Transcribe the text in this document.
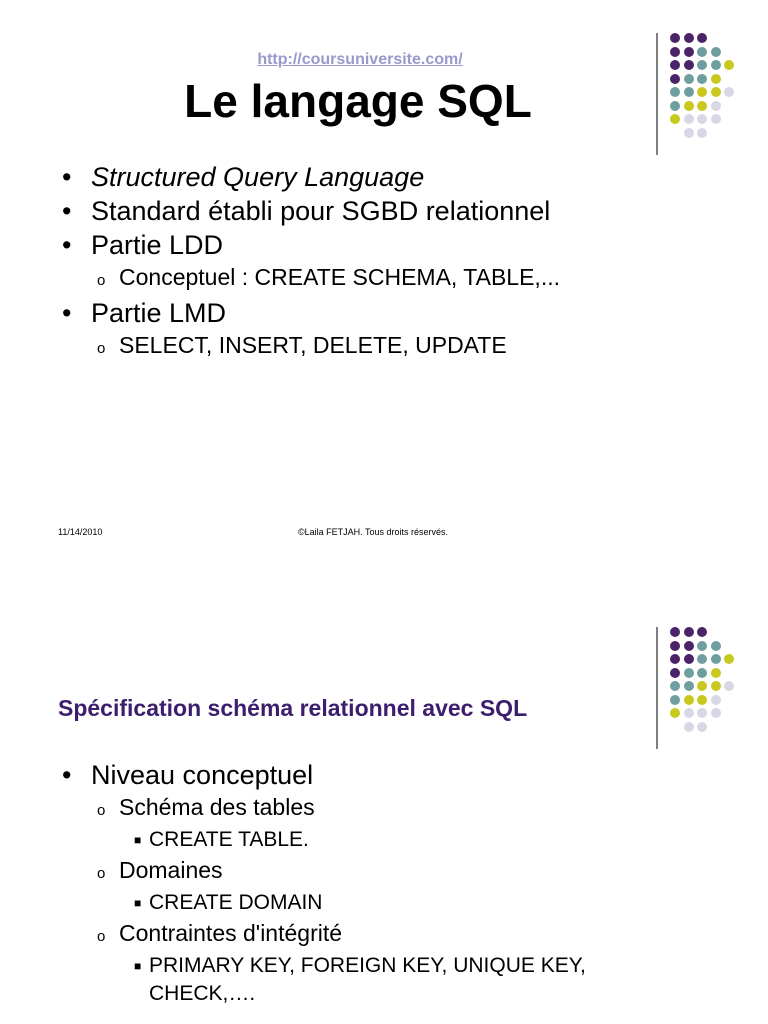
http://coursuniversite.com/
Le langage SQL
• Structured Query Language
• Standard établi pour SGBD relationnel
• Partie LDD
o Conceptuel : CREATE SCHEMA, TABLE,...
• Partie LMD
o SELECT, INSERT, DELETE, UPDATE
11/14/2010	©Laila FETJAH. Tous droits réservés.
Spécification schéma relationnel avec SQL
• Niveau conceptuel
o Schéma des tables
■ CREATE TABLE.
o Domaines
■ CREATE DOMAIN
o Contraintes d'intégrité
■ PRIMARY KEY, FOREIGN KEY, UNIQUE KEY, CHECK,….
